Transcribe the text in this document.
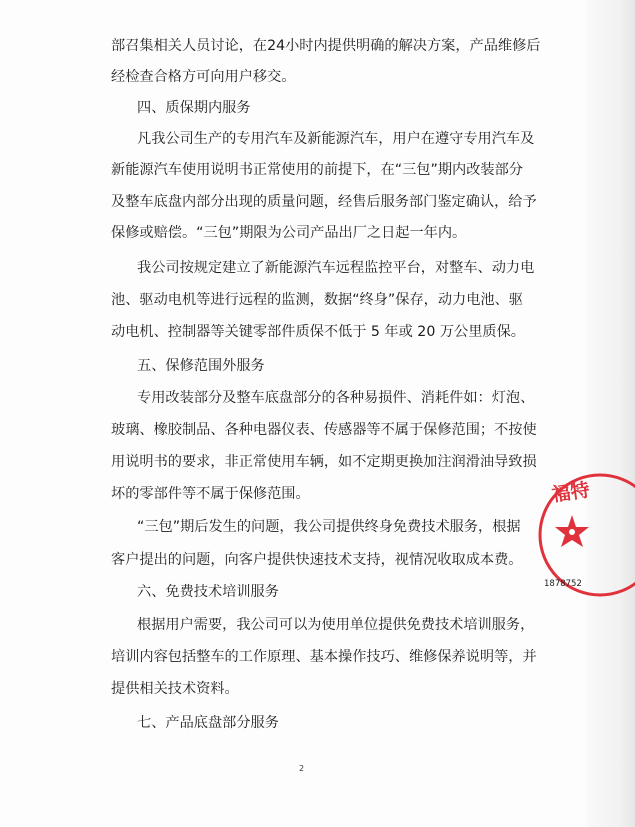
部召集相关人员讨论，在24小时内提供明确的解决方案，产品维修后
经检查合格方可向用户移交。
四、质保期内服务
凡我公司生产的专用汽车及新能源汽车，用户在遵守专用汽车及
新能源汽车使用说明书正常使用的前提下，在“三包”期内改装部分
及整车底盘内部分出现的质量问题，经售后服务部门鉴定确认，给予
保修或赔偿。“三包”期限为公司产品出厂之日起一年内。
我公司按规定建立了新能源汽车远程监控平台，对整车、动力电
池、驱动电机等进行远程的监测，数据“终身”保存，动力电池、驱
动电机、控制器等关键零部件质保不低于 5 年或 20 万公里质保。
五、保修范围外服务
专用改装部分及整车底盘部分的各种易损件、消耗件如：灯泡、
玻璃、橡胶制品、各种电器仪表、传感器等不属于保修范围；不按使
用说明书的要求，非正常使用车辆，如不定期更换加注润滑油导致损
坏的零部件等不属于保修范围。
“三包”期后发生的问题，我公司提供终身免费技术服务，根据
客户提出的问题，向客户提供快速技术支持，视情况收取成本费。
六、免费技术培训服务
根据用户需要，我公司可以为使用单位提供免费技术培训服务，
培训内容包括整车的工作原理、基本操作技巧、维修保养说明等，并
提供相关技术资料。
七、产品底盘部分服务
2
福特
1878752
